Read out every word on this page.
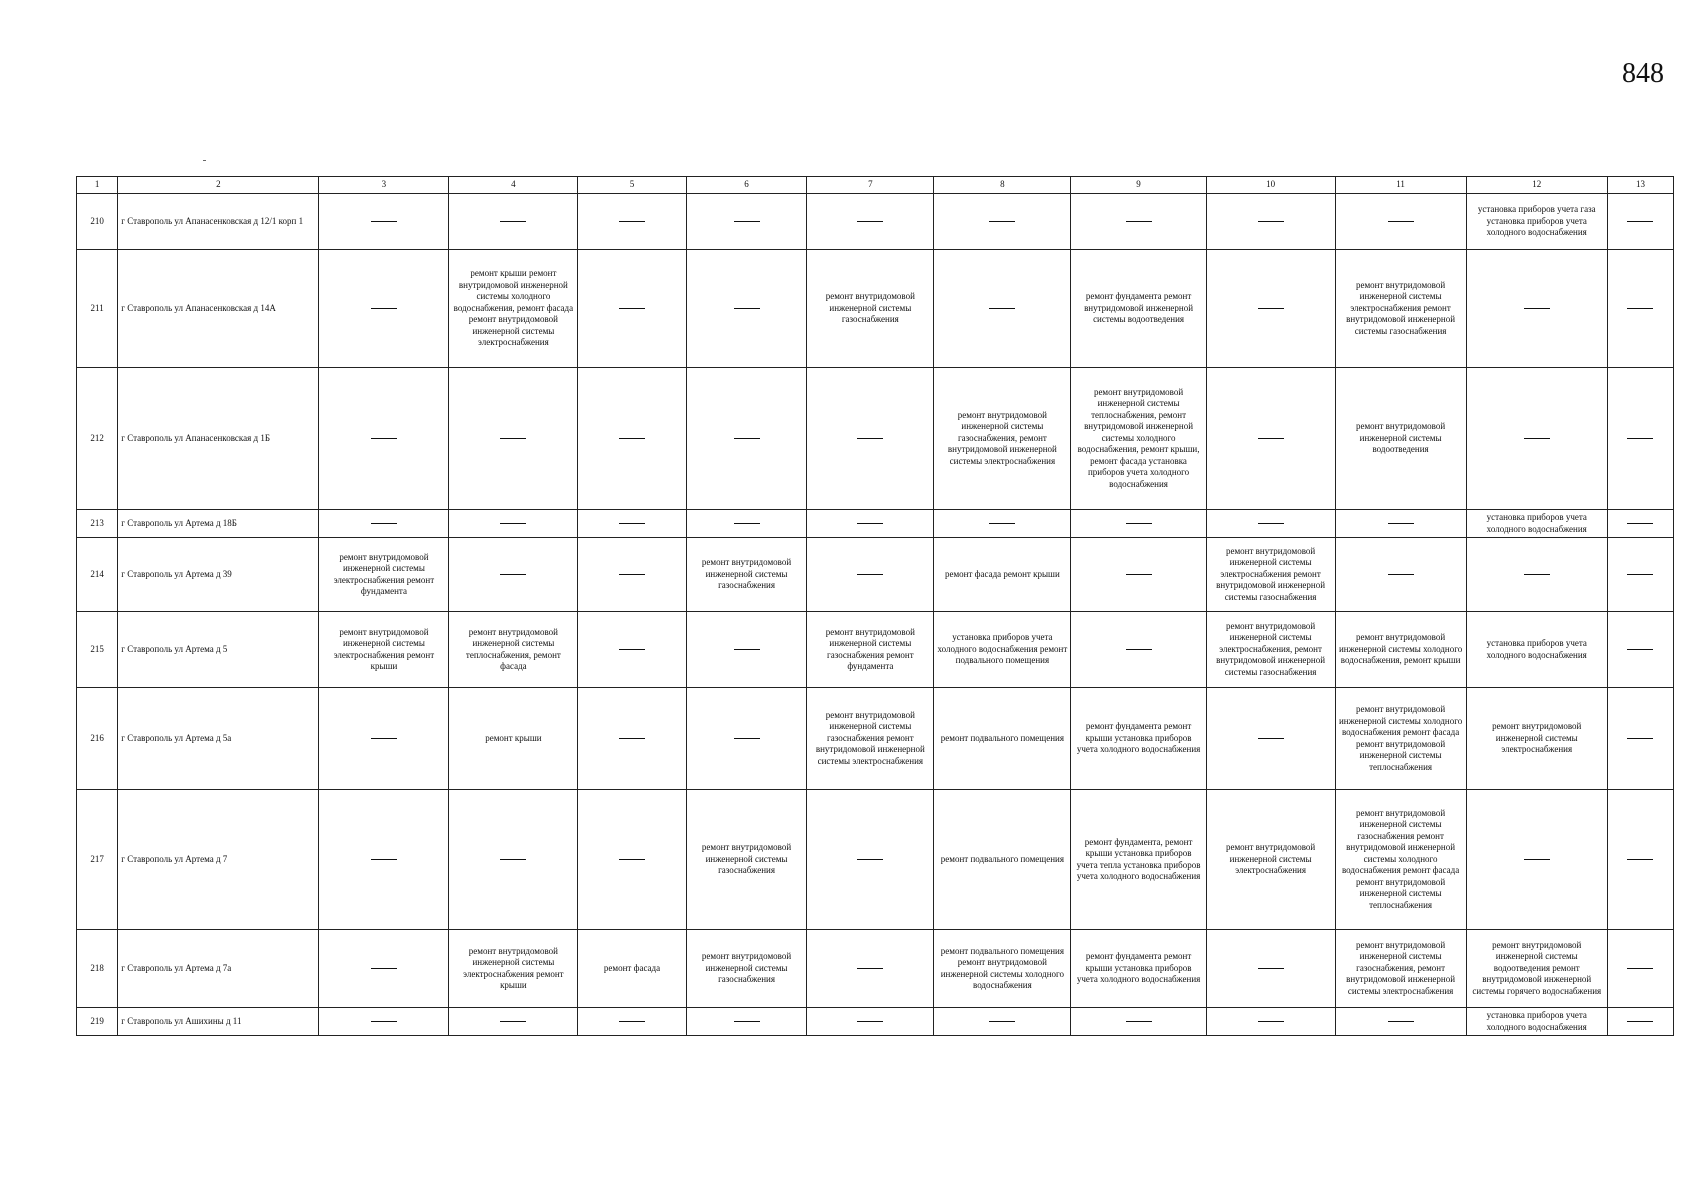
848
1	2	3	4	5	6	7	8	9	10	11	12	13
210	г Ставрополь ул Апанасенковская д 12/1 корп 1										установка приборов учета газа установка приборов учета холодного водоснабжения	
211	г Ставрополь ул Апанасенковская д 14А		ремонт крыши ремонт внутридомовой инженерной системы холодного водоснабжения, ремонт фасада ремонт внутридомовой инженерной системы электроснабжения			ремонт внутридомовой инженерной системы газоснабжения		ремонт фундамента ремонт внутридомовой инженерной системы водоотведения		ремонт внутридомовой инженерной системы электроснабжения ремонт внутридомовой инженерной системы газоснабжения		
212	г Ставрополь ул Апанасенковская д 1Б						ремонт внутридомовой инженерной системы газоснабжения, ремонт внутридомовой инженерной системы электроснабжения	ремонт внутридомовой инженерной системы теплоснабжения, ремонт внутридомовой инженерной системы холодного водоснабжения, ремонт крыши, ремонт фасада установка приборов учета холодного водоснабжения		ремонт внутридомовой инженерной системы водоотведения		
213	г Ставрополь ул Артема д 18Б										установка приборов учета холодного водоснабжения	
214	г Ставрополь ул Артема д 39	ремонт внутридомовой инженерной системы электроснабжения ремонт фундамента			ремонт внутридомовой инженерной системы газоснабжения		ремонт фасада ремонт крыши		ремонт внутридомовой инженерной системы электроснабжения ремонт внутридомовой инженерной системы газоснабжения			
215	г Ставрополь ул Артема д 5	ремонт внутридомовой инженерной системы электроснабжения ремонт крыши	ремонт внутридомовой инженерной системы теплоснабжения, ремонт фасада			ремонт внутридомовой инженерной системы газоснабжения ремонт фундамента	установка приборов учета холодного водоснабжения ремонт подвального помещения		ремонт внутридомовой инженерной системы электроснабжения, ремонт внутридомовой инженерной системы газоснабжения	ремонт внутридомовой инженерной системы холодного водоснабжения, ремонт крыши	установка приборов учета холодного водоснабжения	
216	г Ставрополь ул Артема д 5а		ремонт крыши			ремонт внутридомовой инженерной системы газоснабжения ремонт внутридомовой инженерной системы электроснабжения	ремонт подвального помещения	ремонт фундамента ремонт крыши установка приборов учета холодного водоснабжения		ремонт внутридомовой инженерной системы холодного водоснабжения ремонт фасада ремонт внутридомовой инженерной системы теплоснабжения	ремонт внутридомовой инженерной системы электроснабжения	
217	г Ставрополь ул Артема д 7				ремонт внутридомовой инженерной системы газоснабжения		ремонт подвального помещения	ремонт фундамента, ремонт крыши установка приборов учета тепла установка приборов учета холодного водоснабжения	ремонт внутридомовой инженерной системы электроснабжения	ремонт внутридомовой инженерной системы газоснабжения ремонт внутридомовой инженерной системы холодного водоснабжения ремонт фасада ремонт внутридомовой инженерной системы теплоснабжения		
218	г Ставрополь ул Артема д 7а		ремонт внутридомовой инженерной системы электроснабжения ремонт крыши	ремонт фасада	ремонт внутридомовой инженерной системы газоснабжения		ремонт подвального помещения ремонт внутридомовой инженерной системы холодного водоснабжения	ремонт фундамента ремонт крыши установка приборов учета холодного водоснабжения		ремонт внутридомовой инженерной системы газоснабжения, ремонт внутридомовой инженерной системы электроснабжения	ремонт внутридомовой инженерной системы водоотведения ремонт внутридомовой инженерной системы горячего водоснабжения	
219	г Ставрополь ул Ашихины д 11										установка приборов учета холодного водоснабжения	
